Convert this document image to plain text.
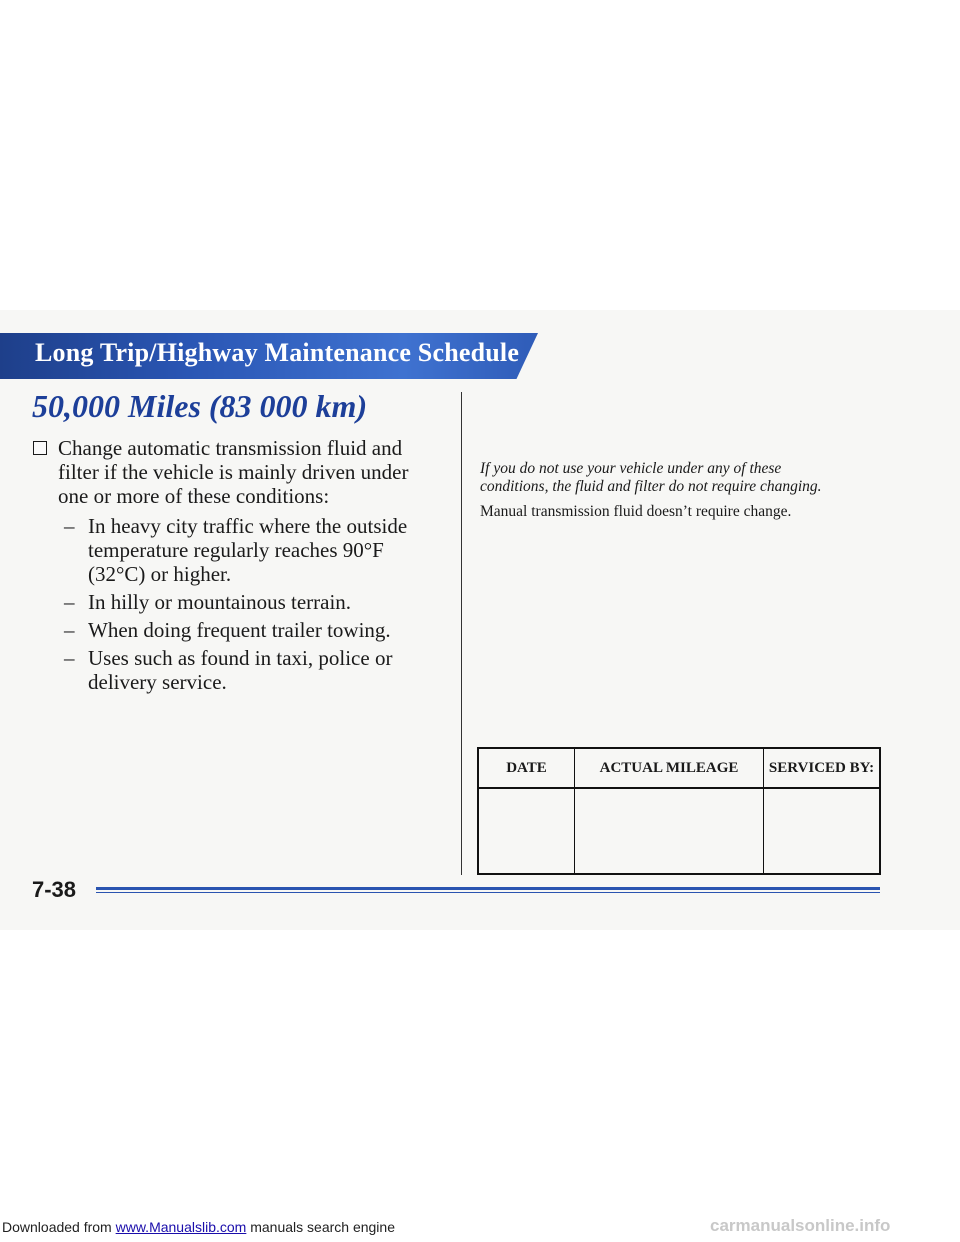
Long Trip/Highway Maintenance Schedule
50,000 Miles (83 000 km)
Change automatic transmission fluid and filter if the vehicle is mainly driven under one or more of these conditions:
– In heavy city traffic where the outside temperature regularly reaches 90°F (32°C) or higher.
– In hilly or mountainous terrain.
– When doing frequent trailer towing.
– Uses such as found in taxi, police or delivery service.
If you do not use your vehicle under any of these conditions, the fluid and filter do not require changing.
Manual transmission fluid doesn’t require change.
DATE	ACTUAL MILEAGE	SERVICED BY:

7-38
Downloaded from www.Manualslib.com manuals search engine	carmanualsonline.info
